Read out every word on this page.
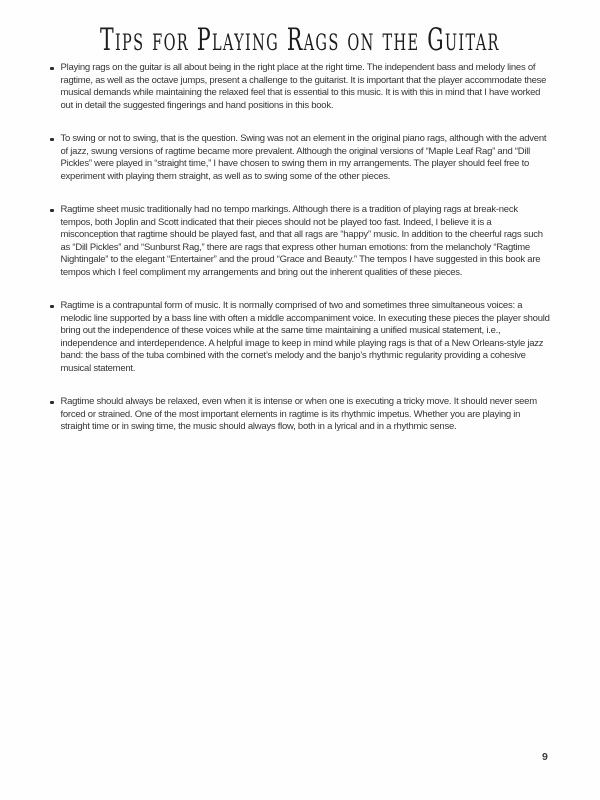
Tips for Playing Rags on the Guitar

Playing rags on the guitar is all about being in the right place at the right time. The independent bass and melody lines of ragtime, as well as the octave jumps, present a challenge to the guitarist. It is important that the player accommodate these musical demands while maintaining the relaxed feel that is essential to this music. It is with this in mind that I have worked out in detail the suggested fingerings and hand positions in this book.

To swing or not to swing, that is the question. Swing was not an element in the original piano rags, although with the advent of jazz, swung versions of ragtime became more prevalent. Although the original versions of “Maple Leaf Rag” and “Dill Pickles” were played in “straight time,” I have chosen to swing them in my arrangements. The player should feel free to experiment with playing them straight, as well as to swing some of the other pieces.

Ragtime sheet music traditionally had no tempo markings. Although there is a tradition of playing rags at break-neck tempos, both Joplin and Scott indicated that their pieces should not be played too fast. Indeed, I believe it is a misconception that ragtime should be played fast, and that all rags are “happy” music. In addition to the cheerful rags such as “Dill Pickles” and “Sunburst Rag,” there are rags that express other human emotions: from the melancholy “Ragtime Nightingale” to the elegant “Entertainer” and the proud “Grace and Beauty.” The tempos I have suggested in this book are tempos which I feel compliment my arrangements and bring out the inherent qualities of these pieces.

Ragtime is a contrapuntal form of music. It is normally comprised of two and sometimes three simultaneous voices: a melodic line supported by a bass line with often a middle accompaniment voice. In executing these pieces the player should bring out the independence of these voices while at the same time maintaining a unified musical statement, i.e., independence and interdependence. A helpful image to keep in mind while playing rags is that of a New Orleans-style jazz band: the bass of the tuba combined with the cornet’s melody and the banjo’s rhythmic regularity providing a cohesive musical statement.

Ragtime should always be relaxed, even when it is intense or when one is executing a tricky move. It should never seem forced or strained. One of the most important elements in ragtime is its rhythmic impetus. Whether you are playing in straight time or in swing time, the music should always flow, both in a lyrical and in a rhythmic sense.

9
